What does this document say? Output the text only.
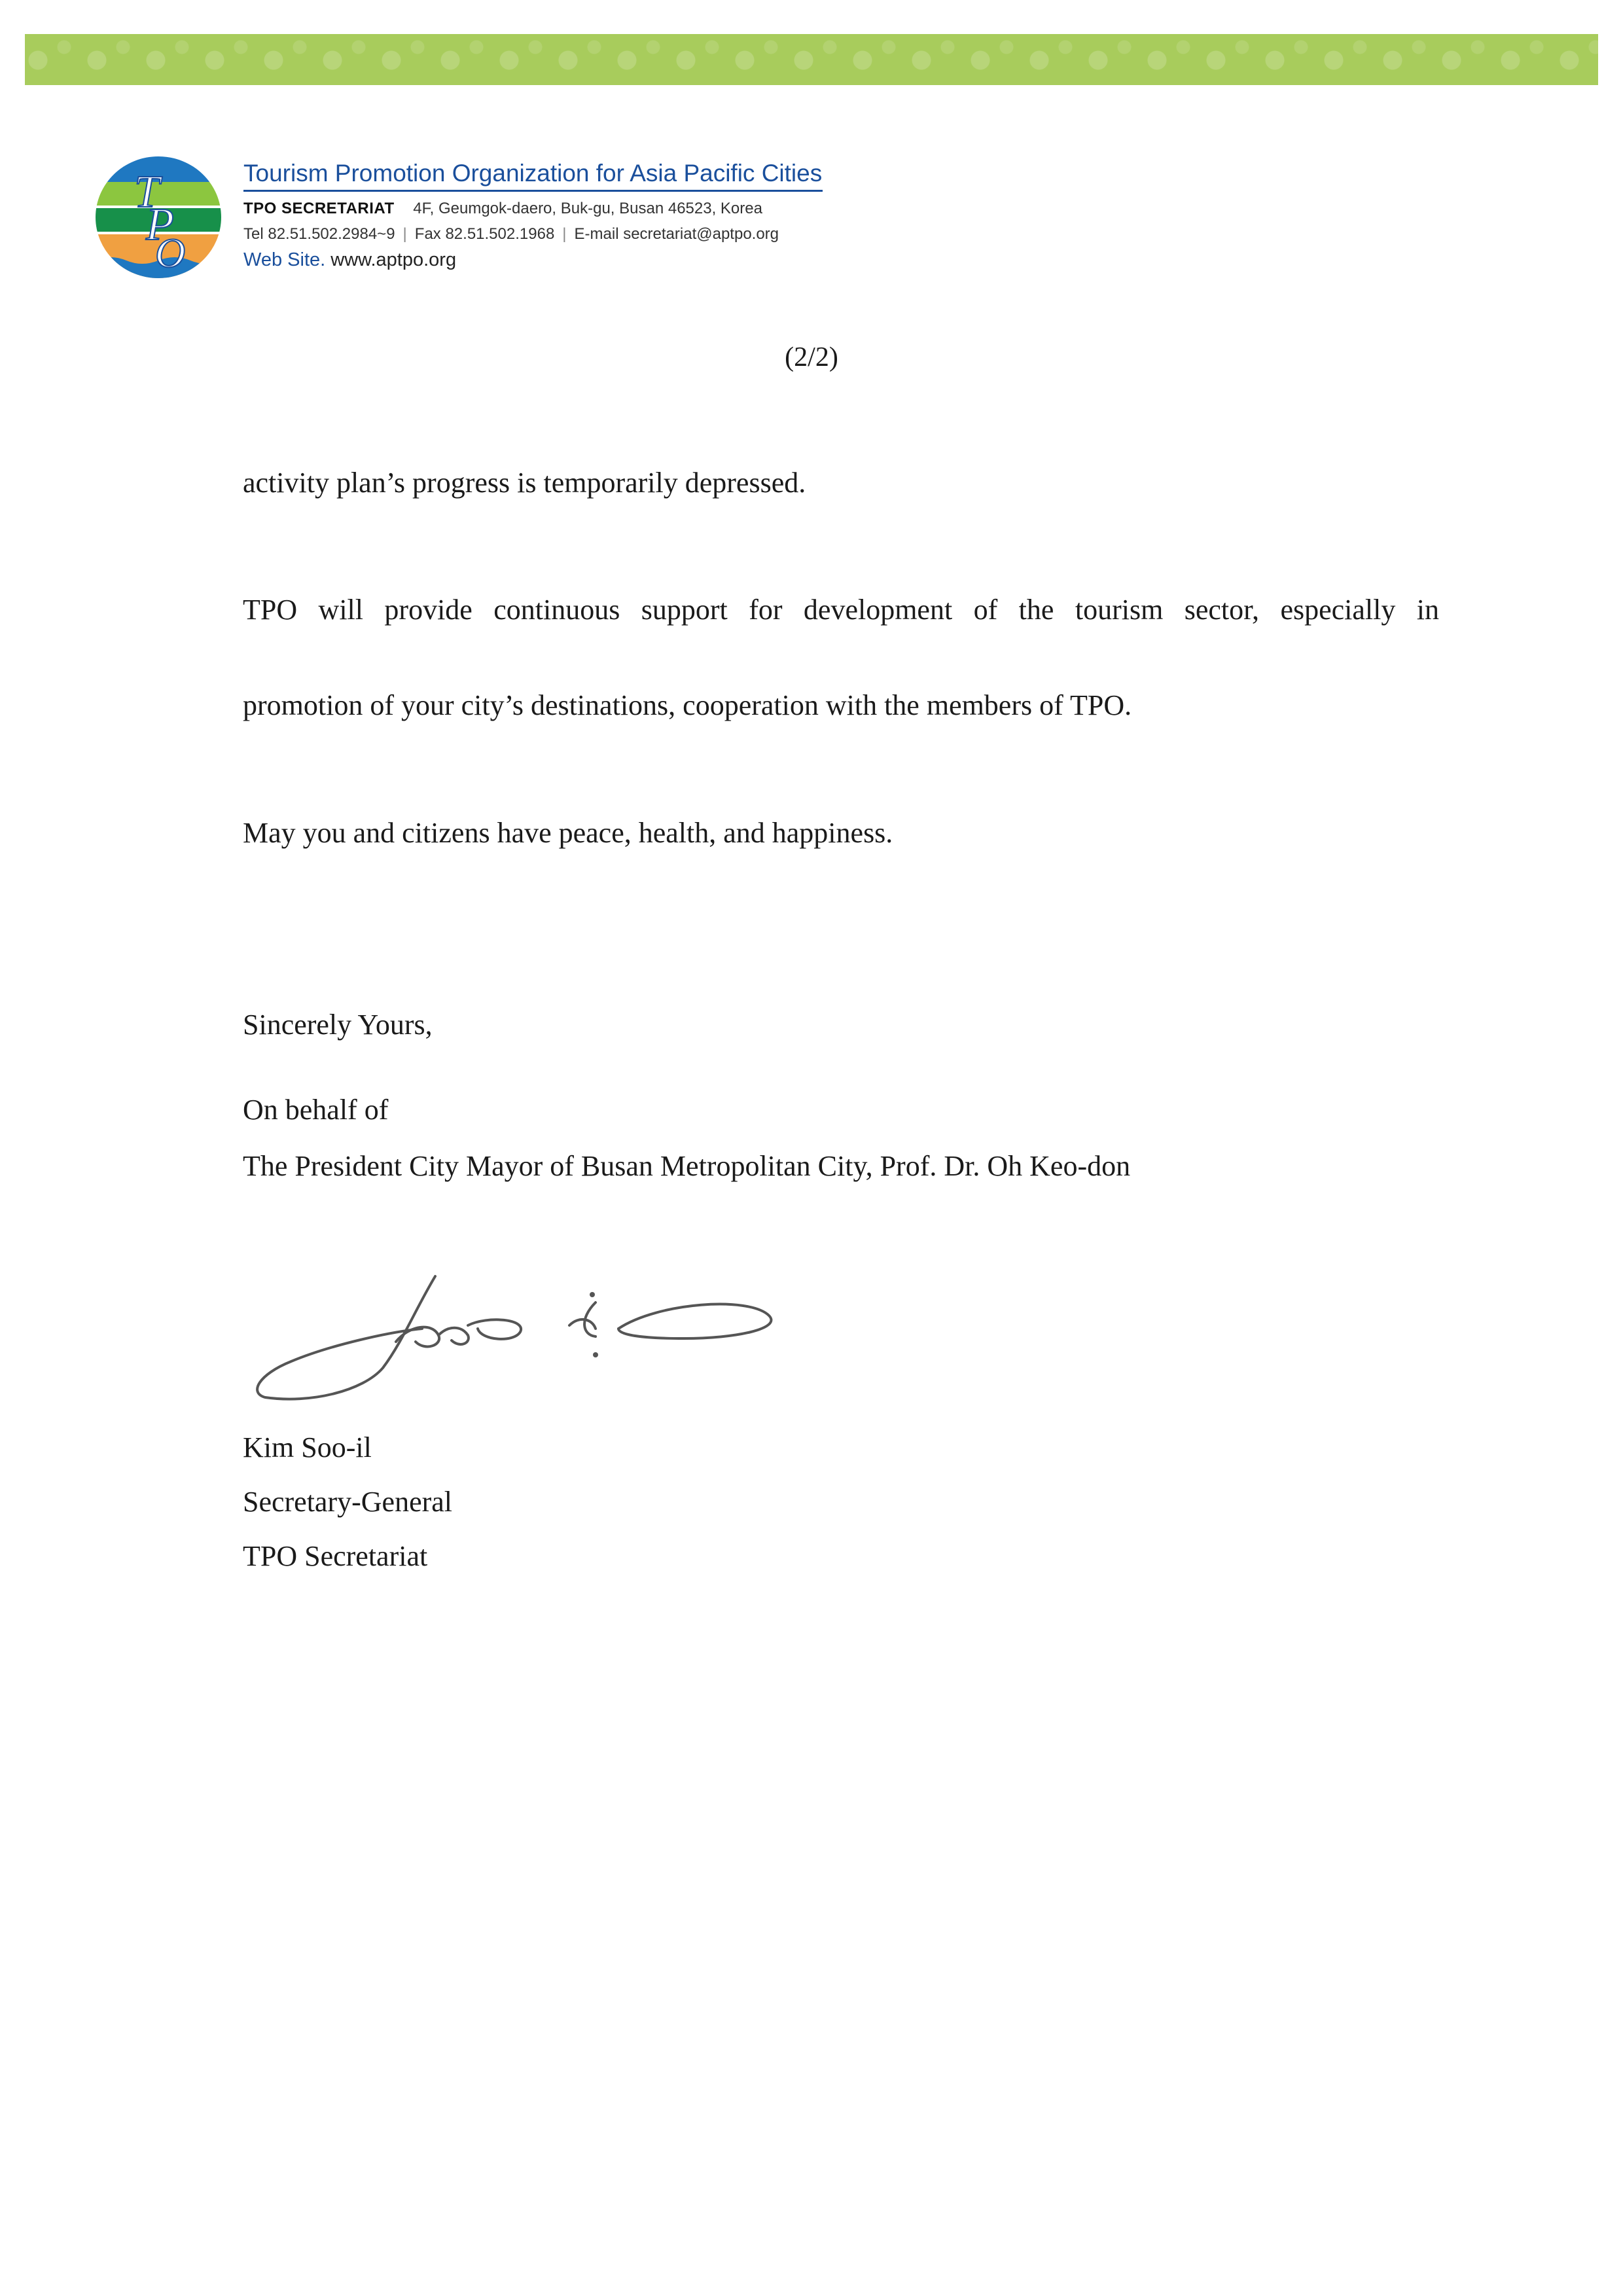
T
P
O
Tourism Promotion Organization for Asia Pacific Cities
TPO SECRETARIAT 4F, Geumgok-daero, Buk-gu, Busan 46523, Korea
Tel 82.51.502.2984~9 | Fax 82.51.502.1968 | E-mail secretariat@aptpo.org
Web Site. www.aptpo.org
(2/2)
activity plan’s progress is temporarily depressed.
TPO will provide continuous support for development of the tourism sector, especially in
promotion of your city’s destinations, cooperation with the members of TPO.
May you and citizens have peace, health, and happiness.
Sincerely Yours,
On behalf of
The President City Mayor of Busan Metropolitan City, Prof. Dr. Oh Keo-don
Kim Soo-il
Secretary-General
TPO Secretariat
